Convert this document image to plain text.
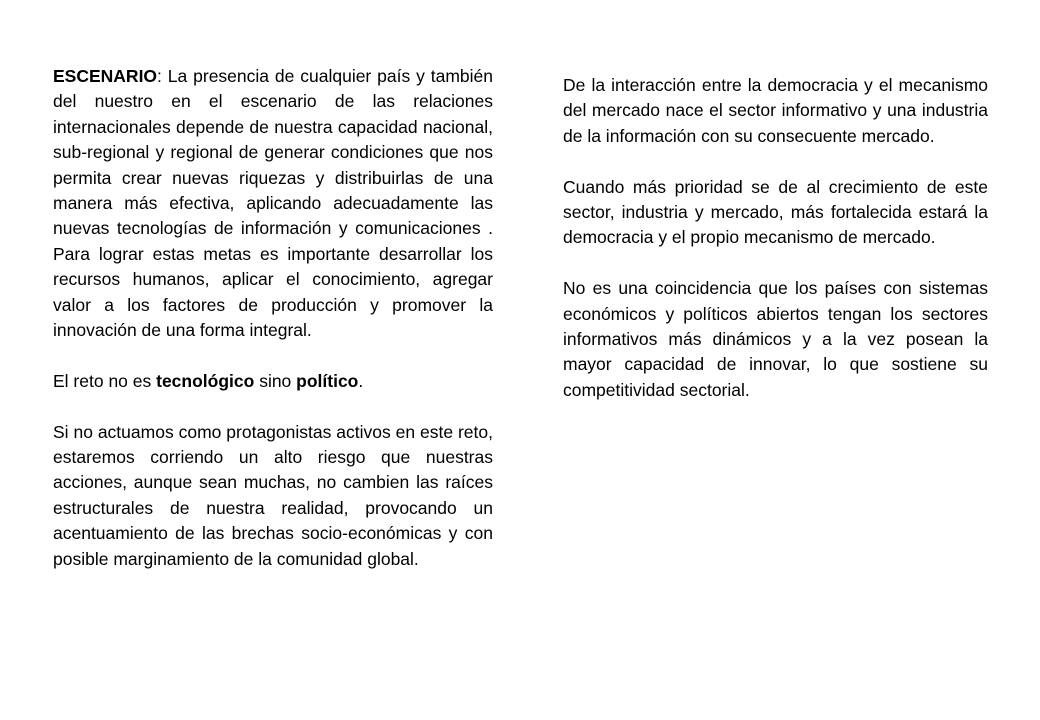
ESCENARIO: La presencia de cualquier país y también del nuestro en el escenario de las relaciones internacionales depende de nuestra capacidad nacional, sub-regional y regional de generar condiciones que nos permita crear nuevas riquezas y distribuirlas de una manera más efectiva, aplicando adecuadamente las nuevas tecnologías de información y comunicaciones . Para lograr estas metas es importante desarrollar los recursos humanos, aplicar el conocimiento, agregar valor a los factores de producción y promover la innovación de una forma integral.

El reto no es tecnológico sino político.

Si no actuamos como protagonistas activos en este reto, estaremos corriendo un alto riesgo que nuestras acciones, aunque sean muchas, no cambien las raíces estructurales de nuestra realidad, provocando un acentuamiento de las brechas socio-económicas y con posible marginamiento de la comunidad global.

De la interacción entre la democracia y el mecanismo del mercado nace el sector informativo y una industria de la información con su consecuente mercado.

Cuando más prioridad se de al crecimiento de este sector, industria y mercado, más fortalecida estará la democracia y el propio mecanismo de mercado.

No es una coincidencia que los países con sistemas económicos y políticos abiertos tengan los sectores informativos más dinámicos y a la vez posean la mayor capacidad de innovar, lo que sostiene su competitividad sectorial.
